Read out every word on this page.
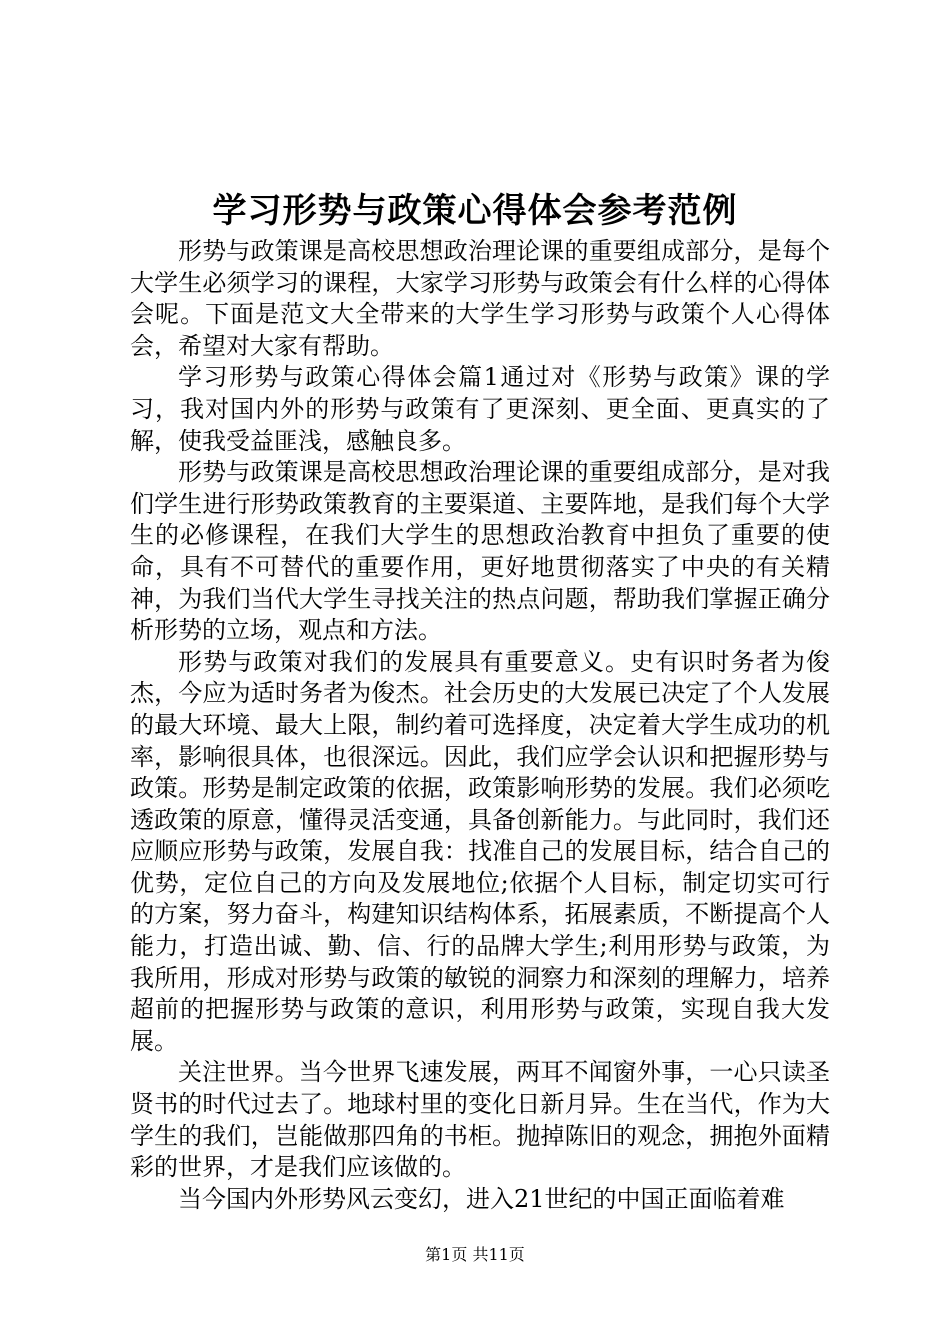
学习形势与政策心得体会参考范例

形势与政策课是高校思想政治理论课的重要组成部分，是每个大学生必须学习的课程，大家学习形势与政策会有什么样的心得体会呢。下面是范文大全带来的大学生学习形势与政策个人心得体会，希望对大家有帮助。

学习形势与政策心得体会篇1通过对《形势与政策》课的学习，我对国内外的形势与政策有了更深刻、更全面、更真实的了解，使我受益匪浅，感触良多。

形势与政策课是高校思想政治理论课的重要组成部分，是对我们学生进行形势政策教育的主要渠道、主要阵地，是我们每个大学生的必修课程，在我们大学生的思想政治教育中担负了重要的使命，具有不可替代的重要作用，更好地贯彻落实了中央的有关精神，为我们当代大学生寻找关注的热点问题，帮助我们掌握正确分析形势的立场，观点和方法。

形势与政策对我们的发展具有重要意义。史有识时务者为俊杰，今应为适时务者为俊杰。社会历史的大发展已决定了个人发展的最大环境、最大上限，制约着可选择度，决定着大学生成功的机率，影响很具体，也很深远。因此，我们应学会认识和把握形势与政策。形势是制定政策的依据，政策影响形势的发展。我们必须吃透政策的原意，懂得灵活变通，具备创新能力。与此同时，我们还应顺应形势与政策，发展自我：找准自己的发展目标，结合自己的优势，定位自己的方向及发展地位;依据个人目标，制定切实可行的方案，努力奋斗，构建知识结构体系，拓展素质，不断提高个人能力，打造出诚、勤、信、行的品牌大学生;利用形势与政策，为我所用，形成对形势与政策的敏锐的洞察力和深刻的理解力，培养超前的把握形势与政策的意识，利用形势与政策，实现自我大发展。

关注世界。当今世界飞速发展，两耳不闻窗外事，一心只读圣贤书的时代过去了。地球村里的变化日新月异。生在当代，作为大学生的我们，岂能做那四角的书柜。抛掉陈旧的观念，拥抱外面精彩的世界，才是我们应该做的。

当今国内外形势风云变幻，进入21世纪的中国正面临着难

第1页 共11页
